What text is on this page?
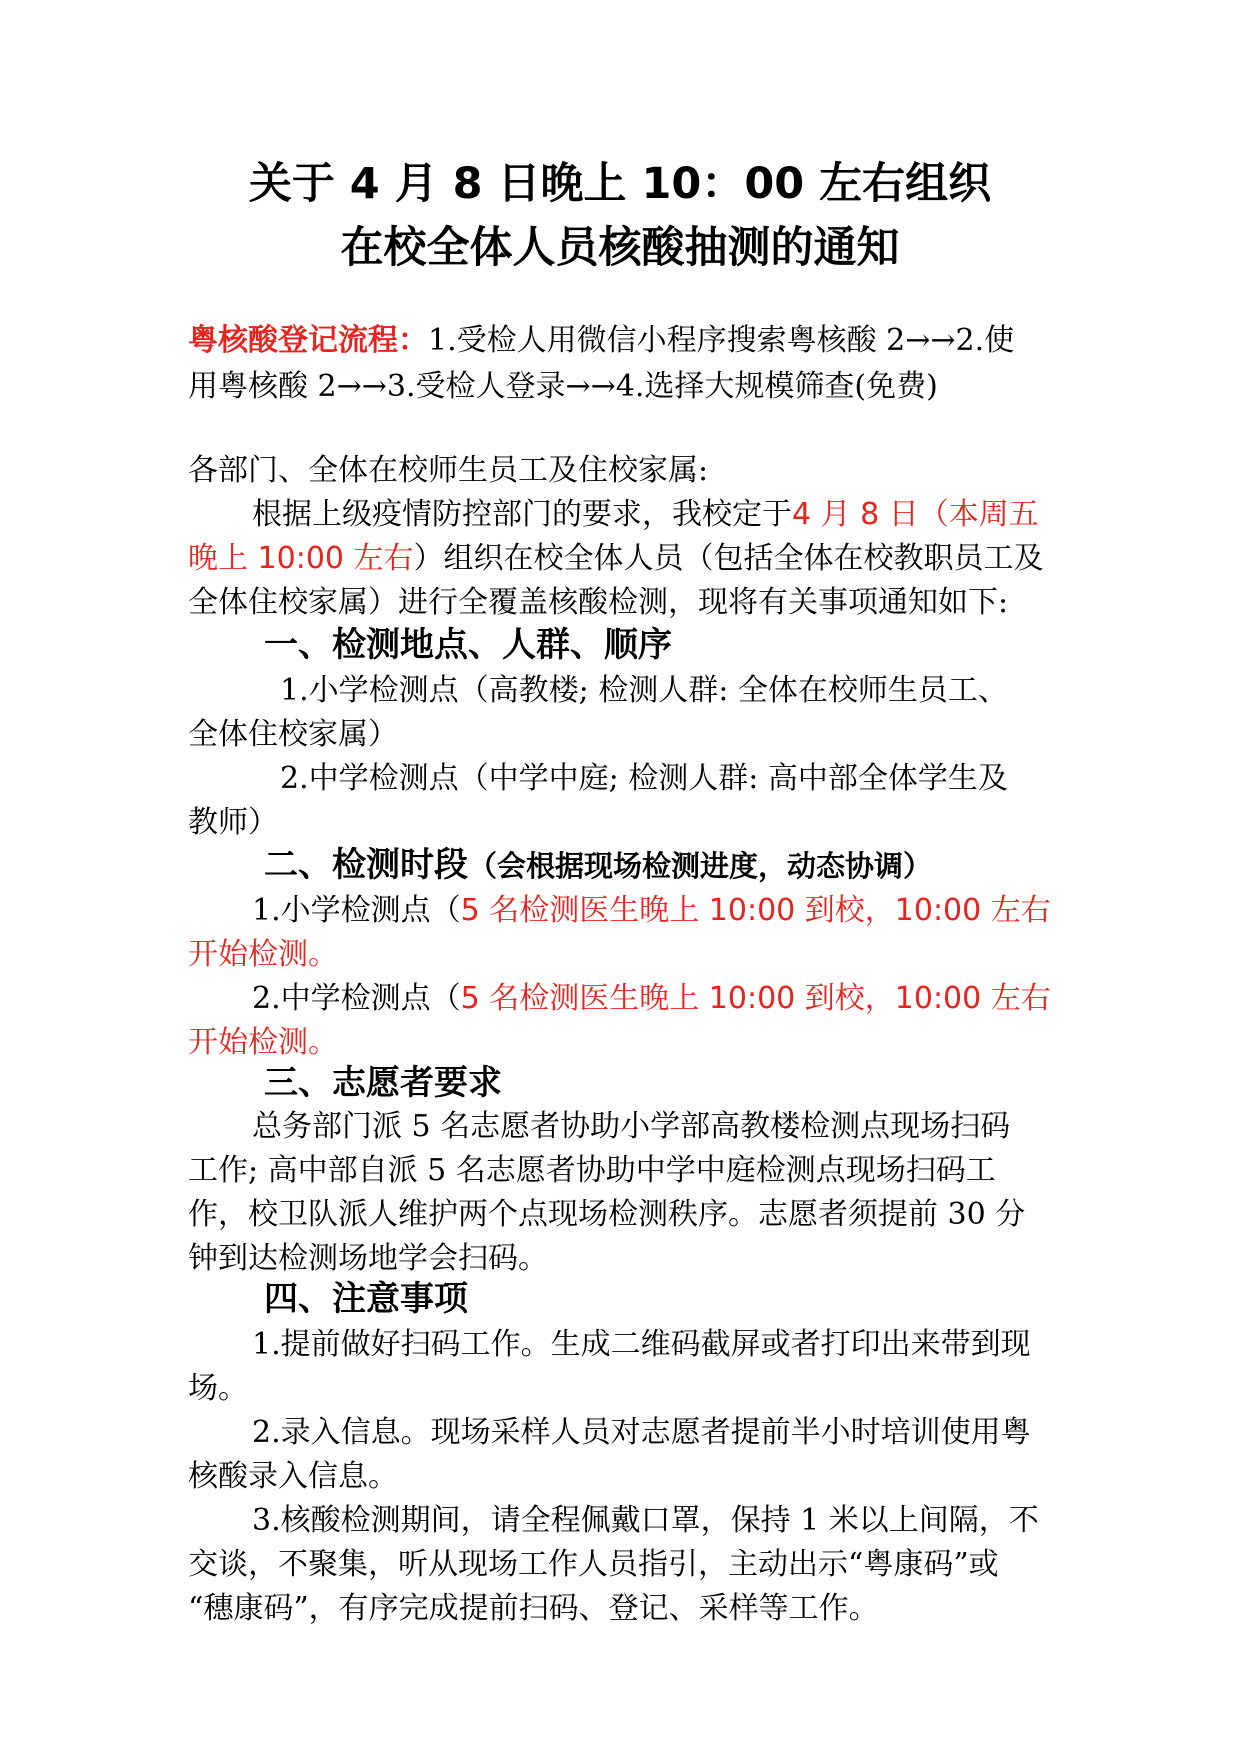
关于 4 月 8 日晚上 10：00 左右组织
在校全体人员核酸抽测的通知

粤核酸登记流程：1.受检人用微信小程序搜索粤核酸 2→→2.使

用粤核酸 2→→3.受检人登录→→4.选择大规模筛查(免费)

各部门、全体在校师生员工及住校家属:

根据上级疫情防控部门的要求，我校定于4 月 8 日（本周五

晚上 10:00 左右）组织在校全体人员（包括全体在校教职员工及

全体住校家属）进行全覆盖核酸检测，现将有关事项通知如下:

一、检测地点、人群、顺序

1.小学检测点（高教楼; 检测人群: 全体在校师生员工、

全体住校家属）

2.中学检测点（中学中庭; 检测人群: 高中部全体学生及

教师）

二、检测时段（会根据现场检测进度，动态协调）

1.小学检测点（5 名检测医生晚上 10:00 到校，10:00 左右

开始检测。

2.中学检测点（5 名检测医生晚上 10:00 到校，10:00 左右

开始检测。

三、志愿者要求

总务部门派 5 名志愿者协助小学部高教楼检测点现场扫码

工作; 高中部自派 5 名志愿者协助中学中庭检测点现场扫码工

作，校卫队派人维护两个点现场检测秩序。志愿者须提前 30 分

钟到达检测场地学会扫码。

四、注意事项

1.提前做好扫码工作。生成二维码截屏或者打印出来带到现

场。

2.录入信息。现场采样人员对志愿者提前半小时培训使用粤

核酸录入信息。

3.核酸检测期间，请全程佩戴口罩，保持 1 米以上间隔，不

交谈，不聚集，听从现场工作人员指引，主动出示“粤康码”或

“穗康码”，有序完成提前扫码、登记、采样等工作。
